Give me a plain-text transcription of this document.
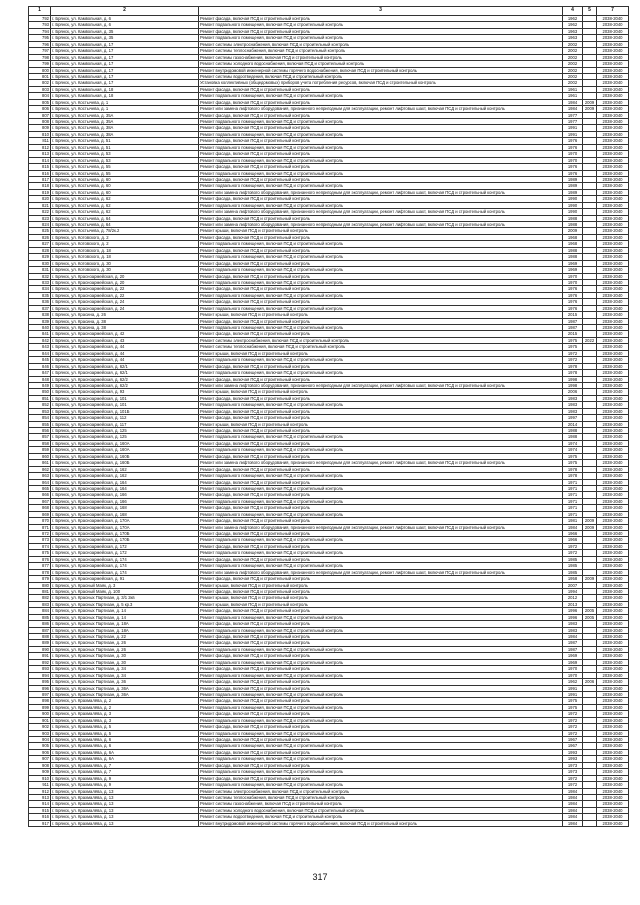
1	2	3	4	5	7
792	г. Брянск, ул. Камвольная, д. 6	Ремонт фасада, включая ПСД и строительный контроль	1962		2038-2040
793	г. Брянск, ул. Камвольная, д. 6	Ремонт подвального помещения, включая ПСД и строительный контроль	1962		2038-2040
794	г. Брянск, ул. Камвольная, д. 35	Ремонт фасада, включая ПСД и строительный контроль	1963		2038-2040
795	г. Брянск, ул. Камвольная, д. 35	Ремонт подвального помещения, включая ПСД и строительный контроль	1963		2038-2040
796	г. Брянск, ул. Камвольная, д. 17	Ремонт системы электроснабжения, включая ПСД и строительный контроль	2002		2038-2040
797	г. Брянск, ул. Камвольная, д. 17	Ремонт системы теплоснабжения, включая ПСД и строительный контроль	2002		2038-2040
798	г. Брянск, ул. Камвольная, д. 17	Ремонт системы газоснабжения, включая ПСД и строительный контроль	2002		2038-2040
799	г. Брянск, ул. Камвольная, д. 17	Ремонт системы холодного водоснабжения, включая ПСД и строительный контроль	2002		2038-2040
800	г. Брянск, ул. Камвольная, д. 17	Ремонт внутридомовой инженерной системы горячего водоснабжения, включая ПСД и строительный контроль	2002		2038-2040
801	г. Брянск, ул. Камвольная, д. 17	Ремонт системы водоотведения, включая ПСД и строительный контроль	2002		2038-2040
802	г. Брянск, ул. Камвольная, д. 17	Установка коллективных (общедомовых) приборов учета потребления ресурсов, включая ПСД и строительный контроль	2002		2038-2040
803	г. Брянск, ул. Камвольная, д. 18	Ремонт фасада, включая ПСД и строительный контроль	1961		2038-2040
804	г. Брянск, ул. Камвольная, д. 18	Ремонт подвального помещения, включая ПСД и строительный контроль	1961		2038-2040
805	г. Брянск, ул. Костычева, д. 1	Ремонт фасада, включая ПСД и строительный контроль	1984	2009	2038-2040
806	г. Брянск, ул. Костычева, д. 1	Ремонт или замена лифтового оборудования, признанного непригодным для эксплуатации, ремонт лифтовых шахт, включая ПСД и строительный контроль	1984	2009	2038-2040
807	г. Брянск, ул. Костычева, д. 35А	Ремонт фасада, включая ПСД и строительный контроль	1977		2038-2040
808	г. Брянск, ул. Костычева, д. 35А	Ремонт подвального помещения, включая ПСД и строительный контроль	1977		2038-2040
809	г. Брянск, ул. Костычева, д. 38А	Ремонт фасада, включая ПСД и строительный контроль	1991		2038-2040
810	г. Брянск, ул. Костычева, д. 38А	Ремонт подвального помещения, включая ПСД и строительный контроль	1991		2038-2040
811	г. Брянск, ул. Костычева, д. 51	Ремонт фасада, включая ПСД и строительный контроль	1976		2038-2040
812	г. Брянск, ул. Костычева, д. 51	Ремонт подвального помещения, включая ПСД и строительный контроль	1976		2038-2040
813	г. Брянск, ул. Костычева, д. 53	Ремонт фасада, включая ПСД и строительный контроль	1970		2038-2040
814	г. Брянск, ул. Костычева, д. 53	Ремонт подвального помещения, включая ПСД и строительный контроль	1970		2038-2040
815	г. Брянск, ул. Костычева, д. 55	Ремонт фасада, включая ПСД и строительный контроль	1976		2038-2040
816	г. Брянск, ул. Костычева, д. 55	Ремонт подвального помещения, включая ПСД и строительный контроль	1976		2038-2040
817	г. Брянск, ул. Костычева, д. 60	Ремонт фасада, включая ПСД и строительный контроль	1989		2038-2040
818	г. Брянск, ул. Костычева, д. 60	Ремонт подвального помещения, включая ПСД и строительный контроль	1989		2038-2040
819	г. Брянск, ул. Костычева, д. 60	Ремонт или замена лифтового оборудования, признанного непригодным для эксплуатации, ремонт лифтовых шахт, включая ПСД и строительный контроль	1989		2038-2040
820	г. Брянск, ул. Костычева, д. 62	Ремонт фасада, включая ПСД и строительный контроль	1990		2038-2040
821	г. Брянск, ул. Костычева, д. 62	Ремонт подвального помещения, включая ПСД и строительный контроль	1990		2038-2040
822	г. Брянск, ул. Костычева, д. 62	Ремонт или замена лифтового оборудования, признанного непригодным для эксплуатации, ремонт лифтовых шахт, включая ПСД и строительный контроль	1990		2038-2040
823	г. Брянск, ул. Костычева, д. 64	Ремонт фасада, включая ПСД и строительный контроль	1988		2038-2040
824	г. Брянск, ул. Костычева, д. 64	Ремонт или замена лифтового оборудования, признанного непригодным для эксплуатации, ремонт лифтовых шахт, включая ПСД и строительный контроль	1988		2038-2040
825	г. Брянск, ул. Костычева, д. 78/2к.2	Ремонт крыши, включая ПСД и строительный контроль	2009		2038-2040
826	г. Брянск, ул. Котовского, д. 2	Ремонт фасада, включая ПСД и строительный контроль	1968		2038-2040
827	г. Брянск, ул. Котовского, д. 2	Ремонт подвального помещения, включая ПСД и строительный контроль	1968		2038-2040
828	г. Брянск, ул. Котовского, д. 18	Ремонт фасада, включая ПСД и строительный контроль	1988		2038-2040
829	г. Брянск, ул. Котовского, д. 18	Ремонт подвального помещения, включая ПСД и строительный контроль	1988		2038-2040
830	г. Брянск, ул. Котовского, д. 30	Ремонт фасада, включая ПСД и строительный контроль	1969		2038-2040
831	г. Брянск, ул. Котовского, д. 30	Ремонт подвального помещения, включая ПСД и строительный контроль	1969		2038-2040
832	г. Брянск, ул. Красноармейская, д. 20	Ремонт фасада, включая ПСД и строительный контроль	1970		2038-2040
833	г. Брянск, ул. Красноармейская, д. 20	Ремонт подвального помещения, включая ПСД и строительный контроль	1970		2038-2040
834	г. Брянск, ул. Красноармейская, д. 22	Ремонт фасада, включая ПСД и строительный контроль	1976		2038-2040
835	г. Брянск, ул. Красноармейская, д. 22	Ремонт подвального помещения, включая ПСД и строительный контроль	1976		2038-2040
836	г. Брянск, ул. Красноармейская, д. 24	Ремонт фасада, включая ПСД и строительный контроль	1976		2038-2040
837	г. Брянск, ул. Красноармейская, д. 24	Ремонт подвального помещения, включая ПСД и строительный контроль	1976		2038-2040
838	г. Брянск, ул. Красина, д. 26	Ремонт крыши, включая ПСД и строительный контроль	2015		2038-2040
839	г. Брянск, ул. Красина, д. 38	Ремонт фасада, включая ПСД и строительный контроль	1987		2038-2040
840	г. Брянск, ул. Красина, д. 38	Ремонт подвального помещения, включая ПСД и строительный контроль	1987		2038-2040
841	г. Брянск, ул. Красноармейская, д. 42	Ремонт фасада, включая ПСД и строительный контроль	2015		2038-2040
842	г. Брянск, ул. Красноармейская, д. 43	Ремонт системы электроснабжения, включая ПСД и строительный контроль	1975	2022	2038-2040
843	г. Брянск, ул. Красноармейская, д. 44	Ремонт системы теплоснабжения, включая ПСД и строительный контроль	1975		2038-2040
844	г. Брянск, ул. Красноармейская, д. 44	Ремонт крыши, включая ПСД и строительный контроль	1972		2038-2040
845	г. Брянск, ул. Красноармейская, д. 44	Ремонт подвального помещения, включая ПСД и строительный контроль	1972		2038-2040
846	г. Брянск, ул. Красноармейская, д. 62/1	Ремонт фасада, включая ПСД и строительный контроль	1978		2038-2040
847	г. Брянск, ул. Красноармейская, д. 62/1	Ремонт подвального помещения, включая ПСД и строительный контроль	1978		2038-2040
848	г. Брянск, ул. Красноармейская, д. 62/2	Ремонт фасада, включая ПСД и строительный контроль	1998		2038-2040
849	г. Брянск, ул. Красноармейская, д. 62/2	Ремонт или замена лифтового оборудования, признанного непригодным для эксплуатации, ремонт лифтовых шахт, включая ПСД и строительный контроль	1998		2038-2040
850	г. Брянск, ул. Красноармейская, д. 93	Ремонт крыши, включая ПСД и строительный контроль	2006		2038-2040
851	г. Брянск, ул. Красноармейская, д. 101	Ремонт фасада, включая ПСД и строительный контроль	1983		2038-2040
852	г. Брянск, ул. Красноармейская, д. 101	Ремонт подвального помещения, включая ПСД и строительный контроль	1983		2038-2040
853	г. Брянск, ул. Красноармейская, д. 101Б	Ремонт фасада, включая ПСД и строительный контроль	1983		2038-2040
854	г. Брянск, ул. Красноармейская, д. 112	Ремонт фасада, включая ПСД и строительный контроль	1997		2038-2040
855	г. Брянск, ул. Красноармейская, д. 117	Ремонт крыши, включая ПСД и строительный контроль	2014		2038-2040
856	г. Брянск, ул. Красноармейская, д. 125	Ремонт фасада, включая ПСД и строительный контроль	1988		2038-2040
857	г. Брянск, ул. Красноармейская, д. 125	Ремонт подвального помещения, включая ПСД и строительный контроль	1988		2038-2040
858	г. Брянск, ул. Красноармейская, д. 160А	Ремонт фасада, включая ПСД и строительный контроль	1974		2038-2040
859	г. Брянск, ул. Красноармейская, д. 160А	Ремонт подвального помещения, включая ПСД и строительный контроль	1974		2038-2040
860	г. Брянск, ул. Красноармейская, д. 160Б	Ремонт фасада, включая ПСД и строительный контроль	1975		2038-2040
861	г. Брянск, ул. Красноармейская, д. 160Б	Ремонт или замена лифтового оборудования, признанного непригодным для эксплуатации, ремонт лифтовых шахт, включая ПСД и строительный контроль	1975		2038-2040
862	г. Брянск, ул. Красноармейская, д. 162	Ремонт фасада, включая ПСД и строительный контроль	1978		2038-2040
863	г. Брянск, ул. Красноармейская, д. 162	Ремонт подвального помещения, включая ПСД и строительный контроль	1978		2038-2040
864	г. Брянск, ул. Красноармейская, д. 164	Ремонт фасада, включая ПСД и строительный контроль	1971		2038-2040
865	г. Брянск, ул. Красноармейская, д. 164	Ремонт подвального помещения, включая ПСД и строительный контроль	1971		2038-2040
866	г. Брянск, ул. Красноармейская, д. 166	Ремонт фасада, включая ПСД и строительный контроль	1971		2038-2040
867	г. Брянск, ул. Красноармейская, д. 166	Ремонт подвального помещения, включая ПСД и строительный контроль	1971		2038-2040
868	г. Брянск, ул. Красноармейская, д. 168	Ремонт фасада, включая ПСД и строительный контроль	1971		2038-2040
869	г. Брянск, ул. Красноармейская, д. 168	Ремонт подвального помещения, включая ПСД и строительный контроль	1971		2038-2040
870	г. Брянск, ул. Красноармейская, д. 170А	Ремонт фасада, включая ПСД и строительный контроль	1981	2009	2038-2040
871	г. Брянск, ул. Красноармейская, д. 170А	Ремонт или замена лифтового оборудования, признанного непригодным для эксплуатации, ремонт лифтовых шахт, включая ПСД и строительный контроль	1984	2009	2038-2040
872	г. Брянск, ул. Красноармейская, д. 170Б	Ремонт фасада, включая ПСД и строительный контроль	1966		2038-2040
873	г. Брянск, ул. Красноармейская, д. 170Б	Ремонт подвального помещения, включая ПСД и строительный контроль	1966		2038-2040
874	г. Брянск, ул. Красноармейская, д. 172	Ремонт фасада, включая ПСД и строительный контроль	1972		2038-2040
875	г. Брянск, ул. Красноармейская, д. 172	Ремонт подвального помещения, включая ПСД и строительный контроль	1972		2038-2040
876	г. Брянск, ул. Красноармейская, д. 174	Ремонт фасада, включая ПСД и строительный контроль	1985		2038-2040
877	г. Брянск, ул. Красноармейская, д. 174	Ремонт подвального помещения, включая ПСД и строительный контроль	1985		2038-2040
878	г. Брянск, ул. Красноармейская, д. 174	Ремонт или замена лифтового оборудования, признанного непригодным для эксплуатации, ремонт лифтовых шахт, включая ПСД и строительный контроль	1985		2038-2040
879	г. Брянск, ул. Красноармейская, д. 91	Ремонт фасада, включая ПСД и строительный контроль	1958	2009	2038-2040
880	г. Брянск, ул. Красный Маяк, д. 3	Ремонт крыши, включая ПСД и строительный контроль	2007		2038-2040
881	г. Брянск, ул. Красный Маяк, д. 100	Ремонт фасада, включая ПСД и строительный контроль	1994		2038-2040
882	г. Брянск, ул. Красных Партизан, д. 3/1 2кв	Ремонт крыши, включая ПСД и строительный контроль	2012		2038-2040
883	г. Брянск, ул. Красных Партизан, д. 5 кр.3	Ремонт крыши, включая ПСД и строительный контроль	2013		2038-2040
884	г. Брянск, ул. Красных Партизан, д. 14	Ремонт фасада, включая ПСД и строительный контроль	1996	2005	2038-2040
885	г. Брянск, ул. Красных Партизан, д. 14	Ремонт подвального помещения, включая ПСД и строительный контроль	1996	2005	2038-2040
886	г. Брянск, ул. Красных Партизан, д. 18А	Ремонт фасада, включая ПСД и строительный контроль	1983		2038-2040
887	г. Брянск, ул. Красных Партизан, д. 18А	Ремонт подвального помещения, включая ПСД и строительный контроль	1983		2038-2040
888	г. Брянск, ул. Красных Партизан, д. 22	Ремонт фасада, включая ПСД и строительный контроль	1984		2038-2040
889	г. Брянск, ул. Красных Партизан, д. 26	Ремонт фасада, включая ПСД и строительный контроль	1987		2038-2040
890	г. Брянск, ул. Красных Партизан, д. 26	Ремонт подвального помещения, включая ПСД и строительный контроль	1987		2038-2040
891	г. Брянск, ул. Красных Партизан, д. 30	Ремонт фасада, включая ПСД и строительный контроль	1969		2038-2040
892	г. Брянск, ул. Красных Партизан, д. 30	Ремонт подвального помещения, включая ПСД и строительный контроль	1969		2038-2040
893	г. Брянск, ул. Красных Партизан, д. 34	Ремонт фасада, включая ПСД и строительный контроль	1970		2038-2040
894	г. Брянск, ул. Красных Партизан, д. 34	Ремонт подвального помещения, включая ПСД и строительный контроль	1970		2038-2040
895	г. Брянск, ул. Красных Партизан, д. 36	Ремонт фасада, включая ПСД и строительный контроль	1962	2006	2038-2040
896	г. Брянск, ул. Красных Партизан, д. 36А	Ремонт фасада, включая ПСД и строительный контроль	1991		2038-2040
897	г. Брянск, ул. Красных Партизан, д. 36А	Ремонт подвального помещения, включая ПСД и строительный контроль	1991		2038-2040
898	г. Брянск, ул. Крахмалёва, д. 2	Ремонт фасада, включая ПСД и строительный контроль	1975		2038-2040
899	г. Брянск, ул. Крахмалёва, д. 2	Ремонт подвального помещения, включая ПСД и строительный контроль	1975		2038-2040
900	г. Брянск, ул. Крахмалёва, д. 3	Ремонт фасада, включая ПСД и строительный контроль	1972		2038-2040
901	г. Брянск, ул. Крахмалёва, д. 3	Ремонт подвального помещения, включая ПСД и строительный контроль	1972		2038-2040
902	г. Брянск, ул. Крахмалёва, д. 5	Ремонт фасада, включая ПСД и строительный контроль	1972		2038-2040
903	г. Брянск, ул. Крахмалёва, д. 5	Ремонт подвального помещения, включая ПСД и строительный контроль	1972		2038-2040
904	г. Брянск, ул. Крахмалёва, д. 6	Ремонт фасада, включая ПСД и строительный контроль	1967		2038-2040
905	г. Брянск, ул. Крахмалёва, д. 6	Ремонт подвального помещения, включая ПСД и строительный контроль	1967		2038-2040
906	г. Брянск, ул. Крахмалёва, д. 6А	Ремонт фасада, включая ПСД и строительный контроль	1993		2038-2040
907	г. Брянск, ул. Крахмалёва, д. 6А	Ремонт подвального помещения, включая ПСД и строительный контроль	1993		2038-2040
908	г. Брянск, ул. Крахмалёва, д. 7	Ремонт фасада, включая ПСД и строительный контроль	1973		2038-2040
909	г. Брянск, ул. Крахмалёва, д. 7	Ремонт подвального помещения, включая ПСД и строительный контроль	1973		2038-2040
910	г. Брянск, ул. Крахмалёва, д. 9	Ремонт фасада, включая ПСД и строительный контроль	1972		2038-2040
911	г. Брянск, ул. Крахмалёва, д. 9	Ремонт подвального помещения, включая ПСД и строительный контроль	1972		2038-2040
912	г. Брянск, ул. Крахмалёва, д. 13	Ремонт системы электроснабжения, включая ПСД и строительный контроль	1984		2038-2040
913	г. Брянск, ул. Крахмалёва, д. 13	Ремонт системы теплоснабжения, включая ПСД и строительный контроль	1984		2038-2040
914	г. Брянск, ул. Крахмалёва, д. 13	Ремонт системы газоснабжения, включая ПСД и строительный контроль	1984		2038-2040
915	г. Брянск, ул. Крахмалёва, д. 13	Ремонт системы холодного водоснабжения, включая ПСД и строительный контроль	1984		2038-2040
916	г. Брянск, ул. Крахмалёва, д. 13	Ремонт системы водоотведения, включая ПСД и строительный контроль	1984		2038-2040
917	г. Брянск, ул. Крахмалёва, д. 13	Ремонт внутридомовой инженерной системы горячего водоснабжения, включая ПСД и строительный контроль	1984		2038-2040
317
